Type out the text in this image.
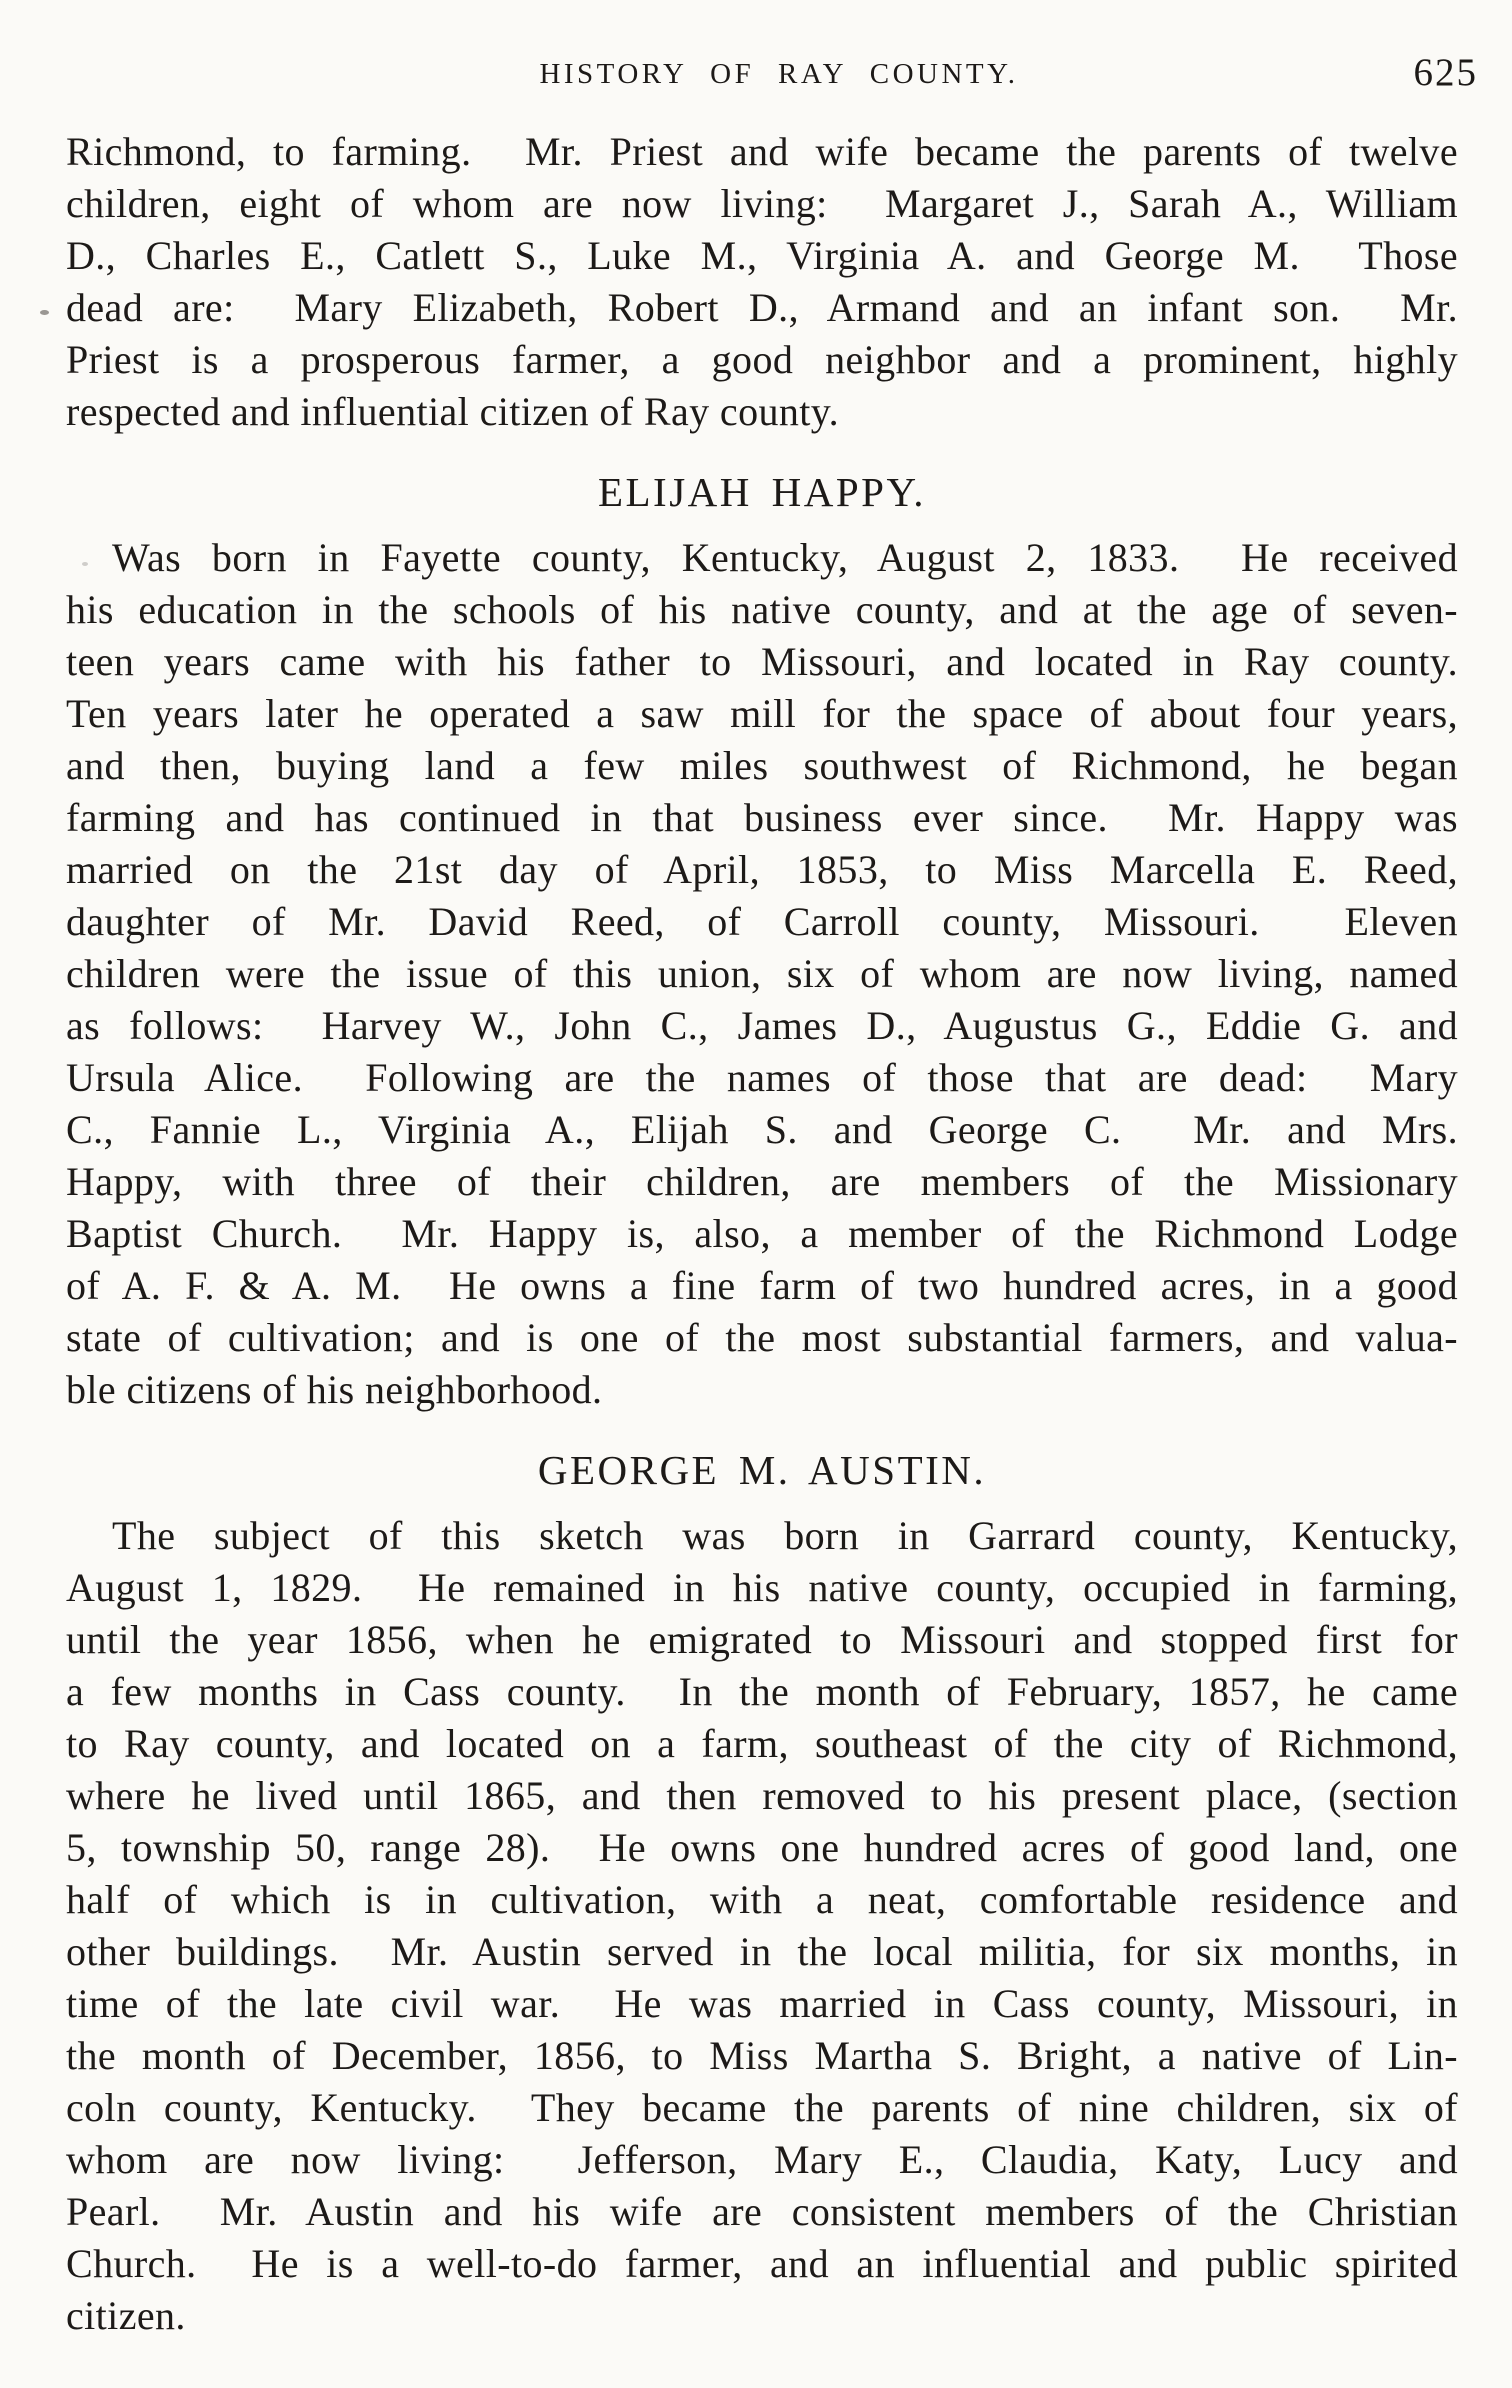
HISTORY OF RAY COUNTY.	625
Richmond, to farming.  Mr. Priest and wife became the parents of twelve
children, eight of whom are now living:  Margaret J., Sarah A., William
D., Charles E., Catlett S., Luke M., Virginia A. and George M.  Those
dead are:  Mary Elizabeth, Robert D., Armand and an infant son.  Mr.
Priest is a prosperous farmer, a good neighbor and a prominent, highly
respected and influential citizen of Ray county.
ELIJAH HAPPY.
Was born in Fayette county, Kentucky, August 2, 1833.  He received
his education in the schools of his native county, and at the age of seven-
teen years came with his father to Missouri, and located in Ray county.
Ten years later he operated a saw mill for the space of about four years,
and then, buying land a few miles southwest of Richmond, he began
farming and has continued in that business ever since.  Mr. Happy was
married on the 21st day of April, 1853, to Miss Marcella E. Reed,
daughter of Mr. David Reed, of Carroll county, Missouri.  Eleven
children were the issue of this union, six of whom are now living, named
as follows:  Harvey W., John C., James D., Augustus G., Eddie G. and
Ursula Alice.  Following are the names of those that are dead:  Mary
C., Fannie L., Virginia A., Elijah S. and George C.  Mr. and Mrs.
Happy, with three of their children, are members of the Missionary
Baptist Church.  Mr. Happy is, also, a member of the Richmond Lodge
of A. F. & A. M.  He owns a fine farm of two hundred acres, in a good
state of cultivation; and is one of the most substantial farmers, and valua-
ble citizens of his neighborhood.
GEORGE M. AUSTIN.
The subject of this sketch was born in Garrard county, Kentucky,
August 1, 1829.  He remained in his native county, occupied in farming,
until the year 1856, when he emigrated to Missouri and stopped first for
a few months in Cass county.  In the month of February, 1857, he came
to Ray county, and located on a farm, southeast of the city of Richmond,
where he lived until 1865, and then removed to his present place, (section
5, township 50, range 28).  He owns one hundred acres of good land, one
half of which is in cultivation, with a neat, comfortable residence and
other buildings.  Mr. Austin served in the local militia, for six months, in
time of the late civil war.  He was married in Cass county, Missouri, in
the month of December, 1856, to Miss Martha S. Bright, a native of Lin-
coln county, Kentucky.  They became the parents of nine children, six of
whom are now living:  Jefferson, Mary E., Claudia, Katy, Lucy and
Pearl.  Mr. Austin and his wife are consistent members of the Christian
Church.  He is a well-to-do farmer, and an influential and public spirited
citizen.
